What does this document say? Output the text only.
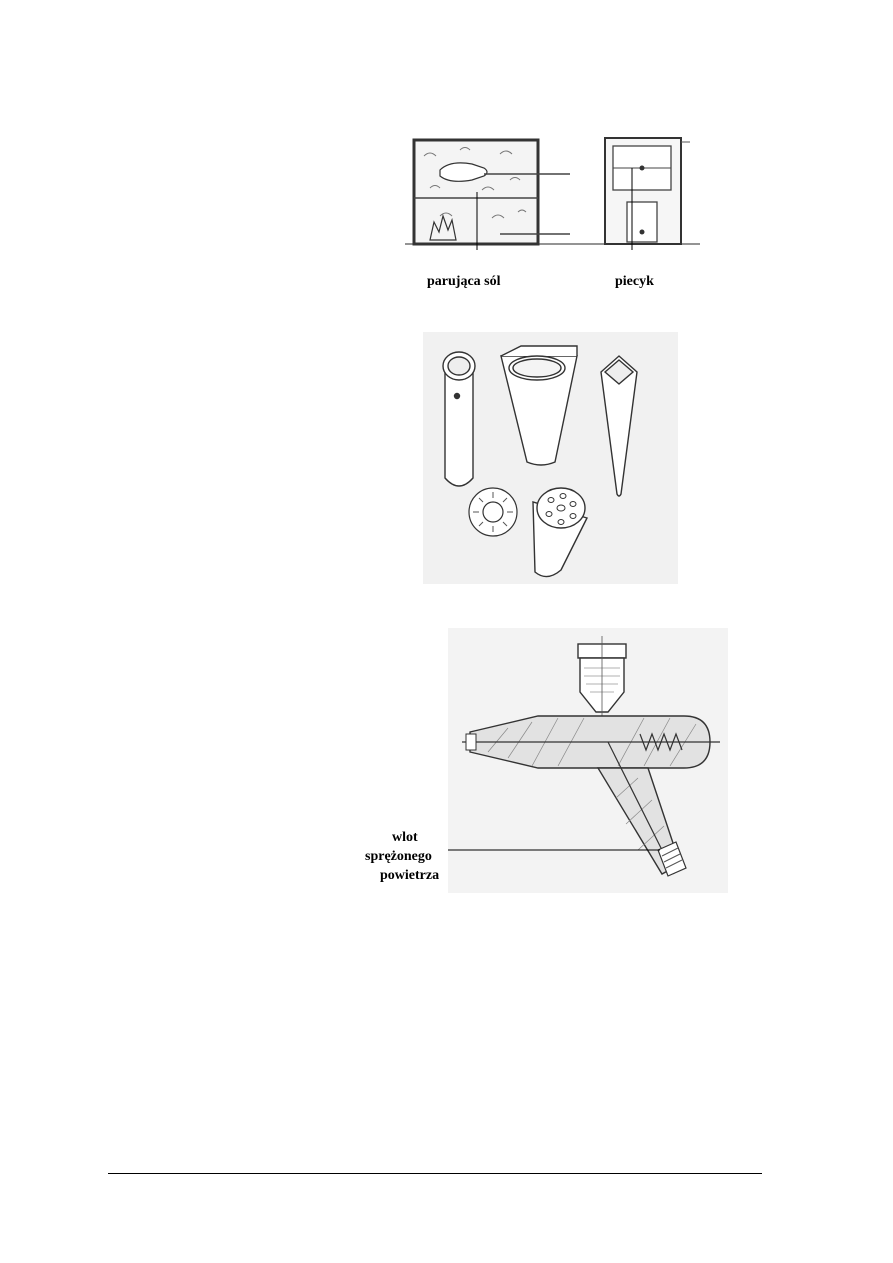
parująca sól	piecyk
wlot
sprężonego
powietrza
